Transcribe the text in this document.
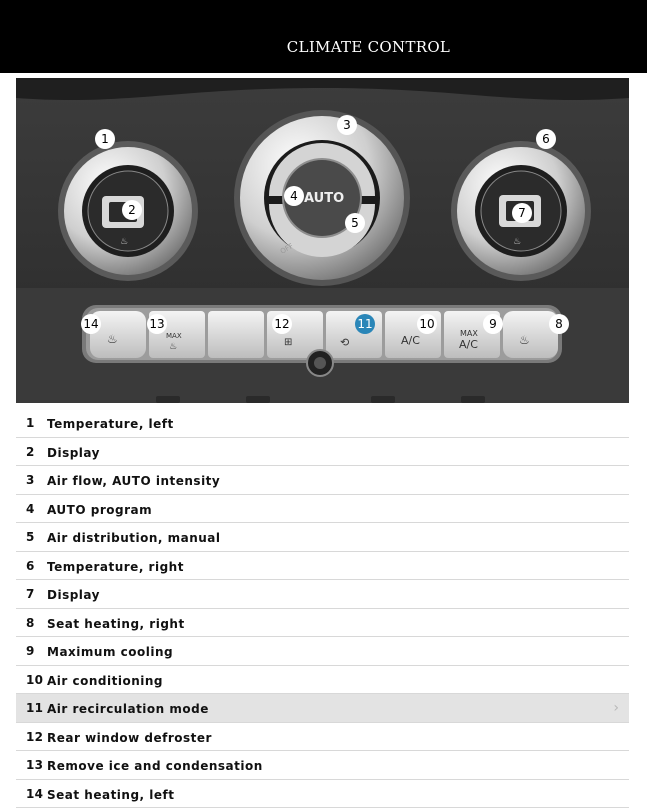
CLIMATE CONTROL
♨	♨
AUTO
OFF
♨	MAX
♨	⊞	⟲	A/C
MAX
A/C	♨
1
2
3
4
5
6
7
8
9
10
11
12
13
14
1 Temperature, left
2 Display
3 Air flow, AUTO intensity
4 AUTO program
5 Air distribution, manual
6 Temperature, right
7 Display
8 Seat heating, right
9 Maximum cooling
10 Air conditioning
11 Air recirculation mode	›
12 Rear window defroster
13 Remove ice and condensation
14 Seat heating, left
